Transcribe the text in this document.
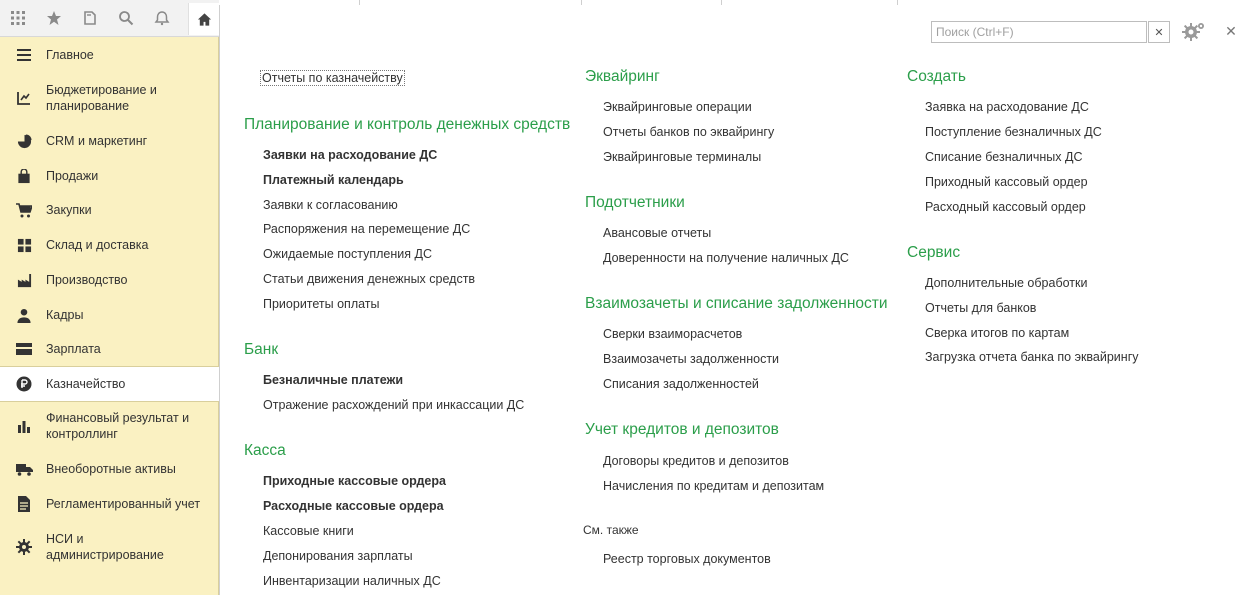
Главное
Бюджетирование и
планирование
CRM и маркетинг
Продажи
Закупки
Склад и доставка
Производство
Кадры
Зарплата
Казначейство
Финансовый результат и
контроллинг
Внеоборотные активы
Регламентированный учет
НСИ и
администрирование
Поиск (Ctrl+F)
✕	✕
Отчеты по казначейству
Планирование и контроль денежных средств
Заявки на расходование ДС
Платежный календарь
Заявки к согласованию
Распоряжения на перемещение ДС
Ожидаемые поступления ДС
Статьи движения денежных средств
Приоритеты оплаты
Банк
Безналичные платежи
Отражение расхождений при инкассации ДС
Касса
Приходные кассовые ордера
Расходные кассовые ордера
Кассовые книги
Депонирования зарплаты
Инвентаризации наличных ДС
Эквайринг
Эквайринговые операции
Отчеты банков по эквайрингу
Эквайринговые терминалы
Подотчетники
Авансовые отчеты
Доверенности на получение наличных ДС
Взаимозачеты и списание задолженности
Сверки взаиморасчетов
Взаимозачеты задолженности
Списания задолженностей
Учет кредитов и депозитов
Договоры кредитов и депозитов
Начисления по кредитам и депозитам
См. также
Реестр торговых документов
Создать
Заявка на расходование ДС
Поступление безналичных ДС
Списание безналичных ДС
Приходный кассовый ордер
Расходный кассовый ордер
Сервис
Дополнительные обработки
Отчеты для банков
Сверка итогов по картам
Загрузка отчета банка по эквайрингу
